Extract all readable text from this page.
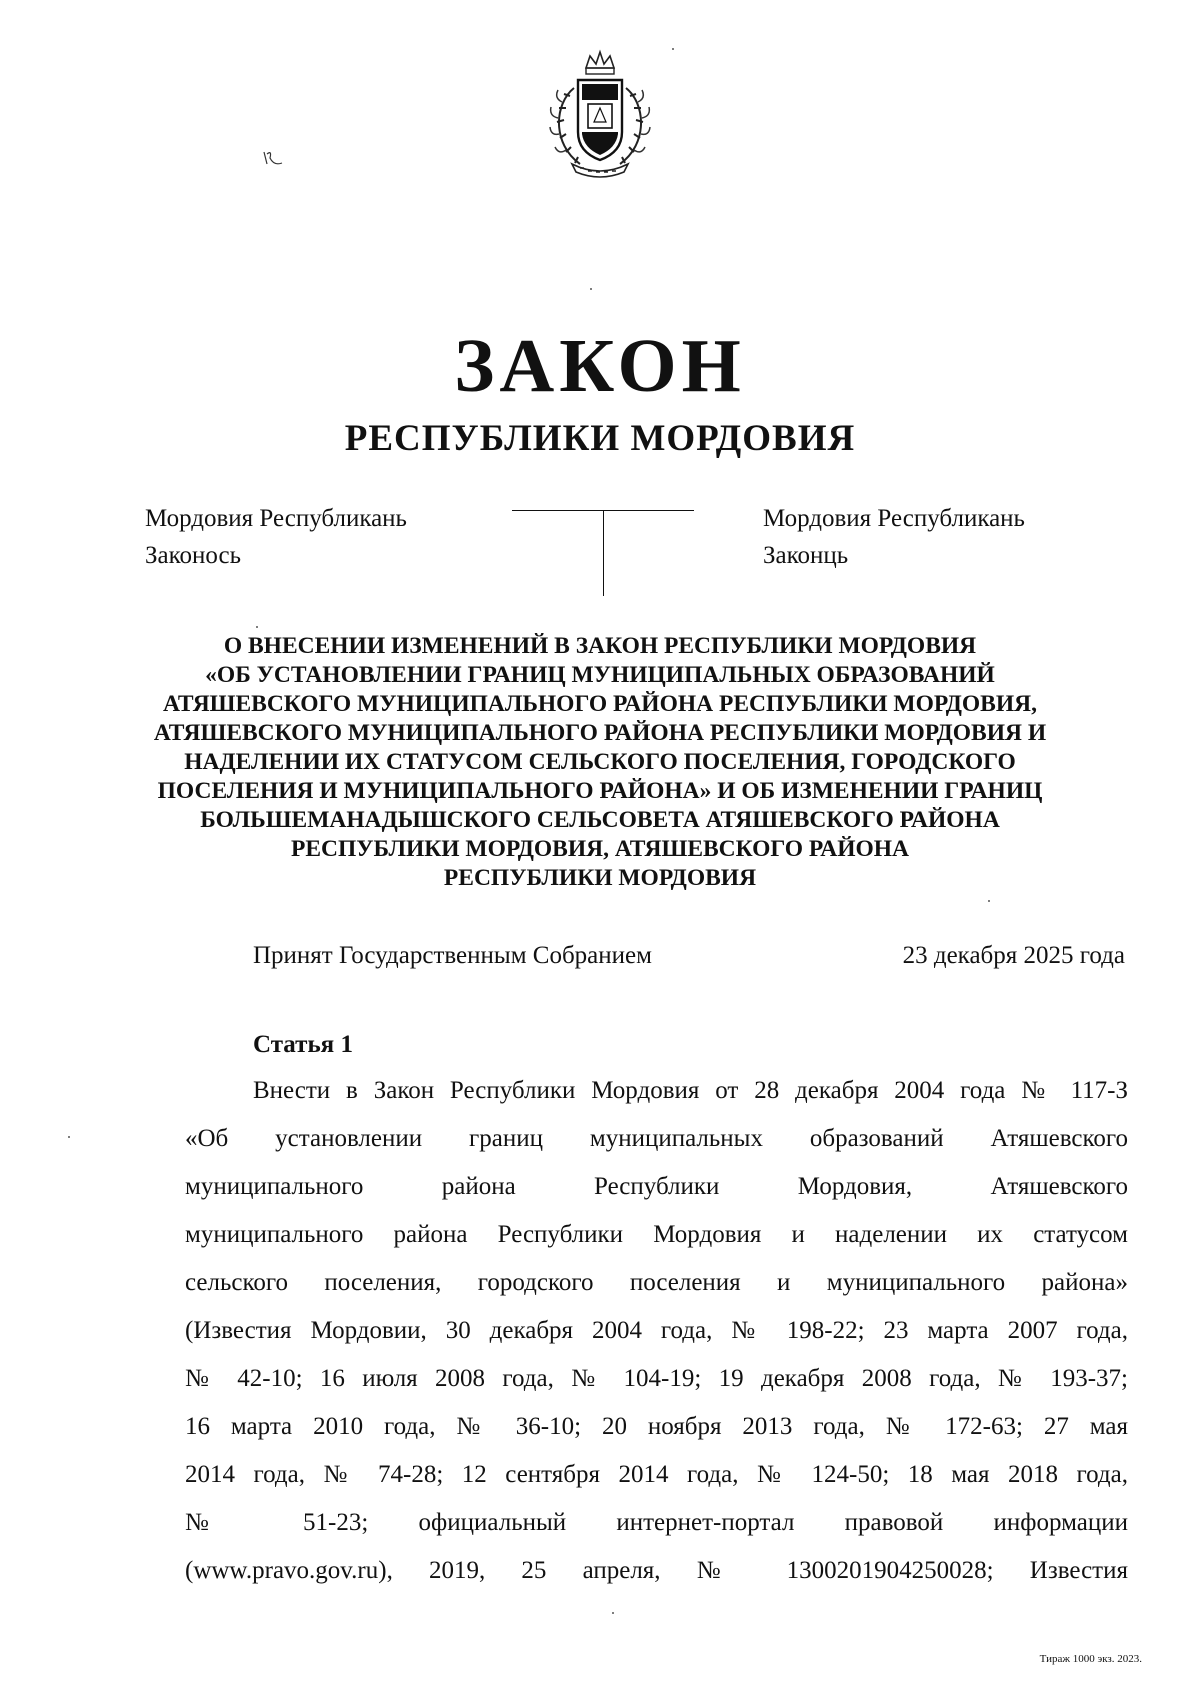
ЗАКОН
РЕСПУБЛИКИ МОРДОВИЯ
Мордовия Республикань
Законось
Мордовия Республикань
Законць
О ВНЕСЕНИИ ИЗМЕНЕНИЙ В ЗАКОН РЕСПУБЛИКИ МОРДОВИЯ
«ОБ УСТАНОВЛЕНИИ ГРАНИЦ МУНИЦИПАЛЬНЫХ ОБРАЗОВАНИЙ
АТЯШЕВСКОГО МУНИЦИПАЛЬНОГО РАЙОНА РЕСПУБЛИКИ МОРДОВИЯ,
АТЯШЕВСКОГО МУНИЦИПАЛЬНОГО РАЙОНА РЕСПУБЛИКИ МОРДОВИЯ И
НАДЕЛЕНИИ ИХ СТАТУСОМ СЕЛЬСКОГО ПОСЕЛЕНИЯ, ГОРОДСКОГО
ПОСЕЛЕНИЯ И МУНИЦИПАЛЬНОГО РАЙОНА» И ОБ ИЗМЕНЕНИИ ГРАНИЦ
БОЛЬШЕМАНАДЫШСКОГО СЕЛЬСОВЕТА АТЯШЕВСКОГО РАЙОНА
РЕСПУБЛИКИ МОРДОВИЯ, АТЯШЕВСКОГО РАЙОНА
РЕСПУБЛИКИ МОРДОВИЯ
Принят Государственным Собранием	23 декабря 2025 года
Статья 1
Внести в Закон Республики Мордовия от 28 декабря 2004 года № 117-З
«Об установлении границ муниципальных образований Атяшевского
муниципального района Республики Мордовия, Атяшевского
муниципального района Республики Мордовия и наделении их статусом
сельского поселения, городского поселения и муниципального района»
(Известия Мордовии, 30 декабря 2004 года, № 198-22; 23 марта 2007 года,
№ 42-10; 16 июля 2008 года, № 104-19; 19 декабря 2008 года, № 193-37;
16 марта 2010 года, № 36-10; 20 ноября 2013 года, № 172-63; 27 мая
2014 года, № 74-28; 12 сентября 2014 года, № 124-50; 18 мая 2018 года,
№ 51-23; официальный интернет-портал правовой информации
(www.pravo.gov.ru), 2019, 25 апреля, № 1300201904250028; Известия
Тираж 1000 экз. 2023.
